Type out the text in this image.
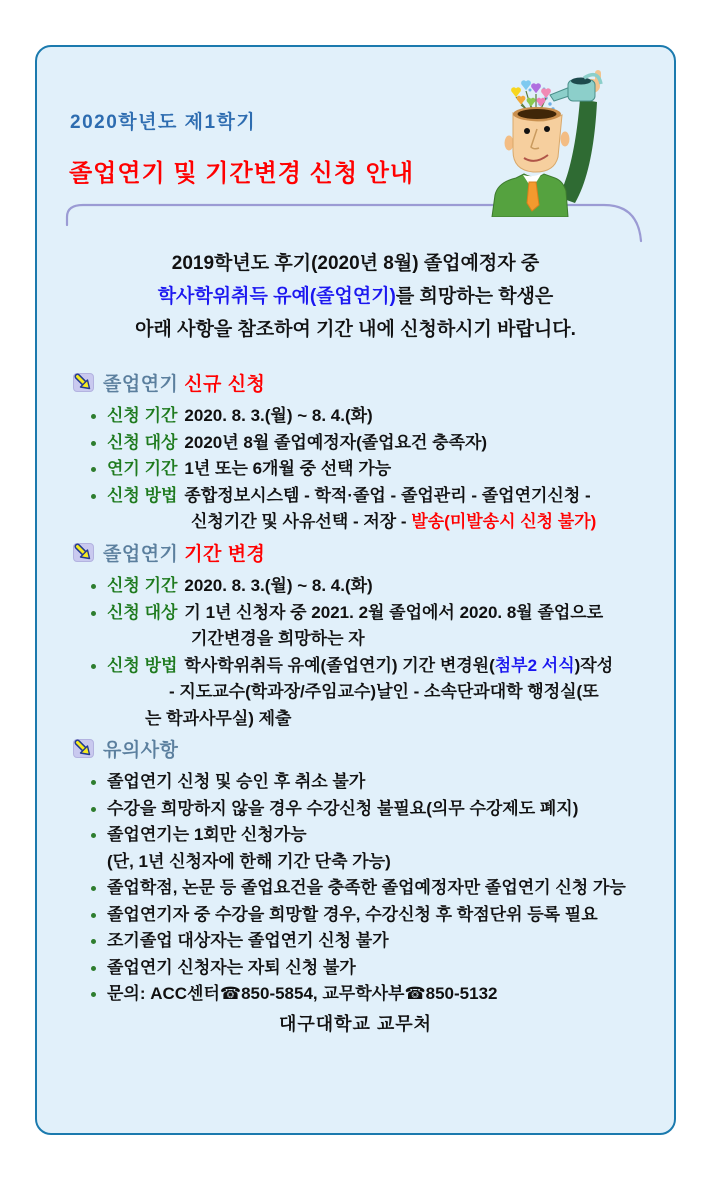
2020학년도 제1학기
졸업연기 및 기간변경 신청 안내
2019학년도 후기(2020년 8월) 졸업예정자 중
학사학위취득 유예(졸업연기)를 희망하는 학생은
아래 사항을 참조하여 기간 내에 신청하시기 바랍니다.
졸업연기 신규 신청
신청 기간 2020. 8. 3.(월) ~ 8. 4.(화)
신청 대상 2020년 8월 졸업예정자(졸업요건 충족자)
연기 기간 1년 또는 6개월 중 선택 가능
신청 방법 종합정보시스템 - 학적·졸업 - 졸업관리 - 졸업연기신청 -
신청기간 및 사유선택 - 저장 - 발송(미발송시 신청 불가)
졸업연기 기간 변경
신청 기간 2020. 8. 3.(월) ~ 8. 4.(화)
신청 대상 기 1년 신청자 중 2021. 2월 졸업에서 2020. 8월 졸업으로
기간변경을 희망하는 자
신청 방법 학사학위취득 유예(졸업연기) 기간 변경원(첨부2 서식)작성
- 지도교수(학과장/주임교수)날인 - 소속단과대학 행정실(또
는 학과사무실) 제출
유의사항
졸업연기 신청 및 승인 후 취소 불가
수강을 희망하지 않을 경우 수강신청 불필요(의무 수강제도 폐지)
졸업연기는 1회만 신청가능
(단, 1년 신청자에 한해 기간 단축 가능)
졸업학점, 논문 등 졸업요건을 충족한 졸업예정자만 졸업연기 신청 가능
졸업연기자 중 수강을 희망할 경우, 수강신청 후 학점단위 등록 필요
조기졸업 대상자는 졸업연기 신청 불가
졸업연기 신청자는 자퇴 신청 불가
문의: ACC센터☎850-5854, 교무학사부☎850-5132
대구대학교 교무처
